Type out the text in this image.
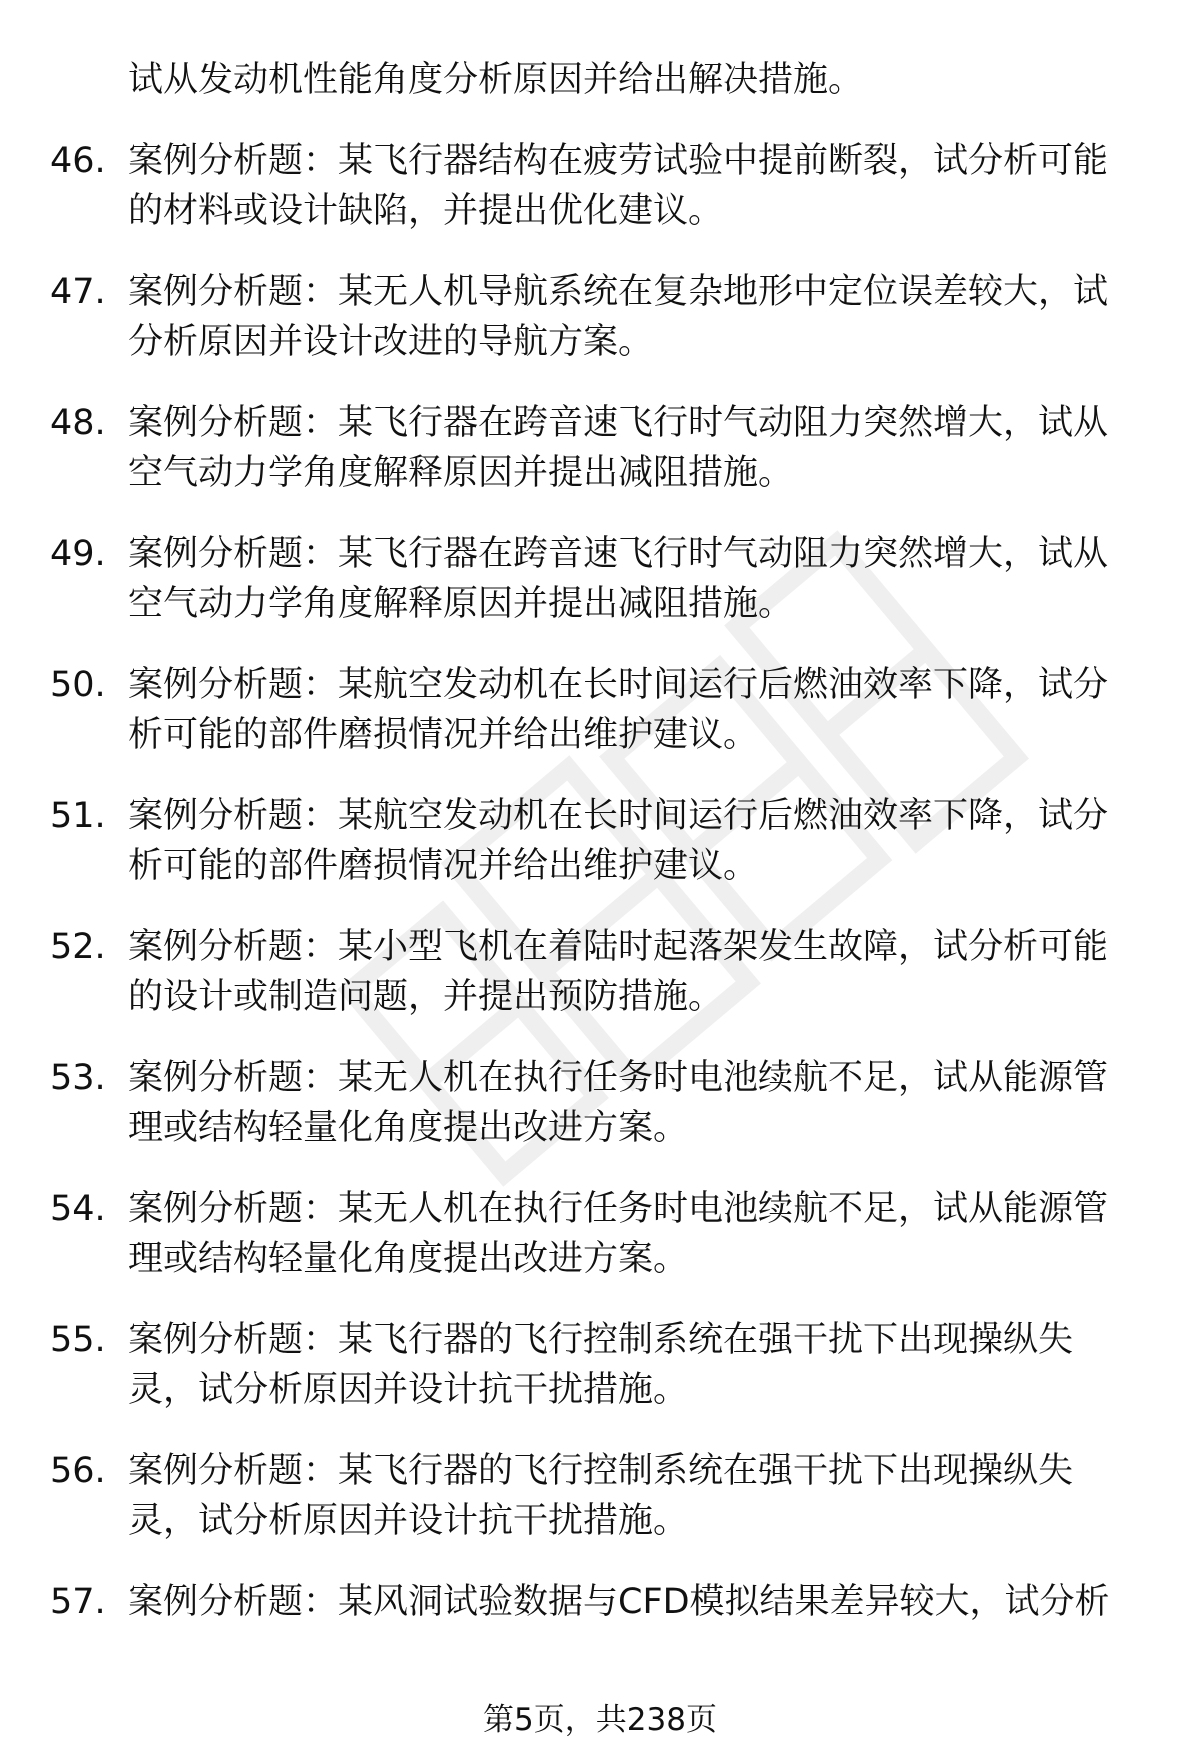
试从发动机性能角度分析原因并给出解决措施。

46. 案例分析题：某飞行器结构在疲劳试验中提前断裂，试分析可能的材料或设计缺陷，并提出优化建议。
47. 案例分析题：某无人机导航系统在复杂地形中定位误差较大，试分析原因并设计改进的导航方案。
48. 案例分析题：某飞行器在跨音速飞行时气动阻力突然增大，试从空气动力学角度解释原因并提出减阻措施。
49. 案例分析题：某飞行器在跨音速飞行时气动阻力突然增大，试从空气动力学角度解释原因并提出减阻措施。
50. 案例分析题：某航空发动机在长时间运行后燃油效率下降，试分析可能的部件磨损情况并给出维护建议。
51. 案例分析题：某航空发动机在长时间运行后燃油效率下降，试分析可能的部件磨损情况并给出维护建议。
52. 案例分析题：某小型飞机在着陆时起落架发生故障，试分析可能的设计或制造问题，并提出预防措施。
53. 案例分析题：某无人机在执行任务时电池续航不足，试从能源管理或结构轻量化角度提出改进方案。
54. 案例分析题：某无人机在执行任务时电池续航不足，试从能源管理或结构轻量化角度提出改进方案。
55. 案例分析题：某飞行器的飞行控制系统在强干扰下出现操纵失灵，试分析原因并设计抗干扰措施。
56. 案例分析题：某飞行器的飞行控制系统在强干扰下出现操纵失灵，试分析原因并设计抗干扰措施。
57. 案例分析题：某风洞试验数据与CFD模拟结果差异较大，试分析
第5页，共238页
